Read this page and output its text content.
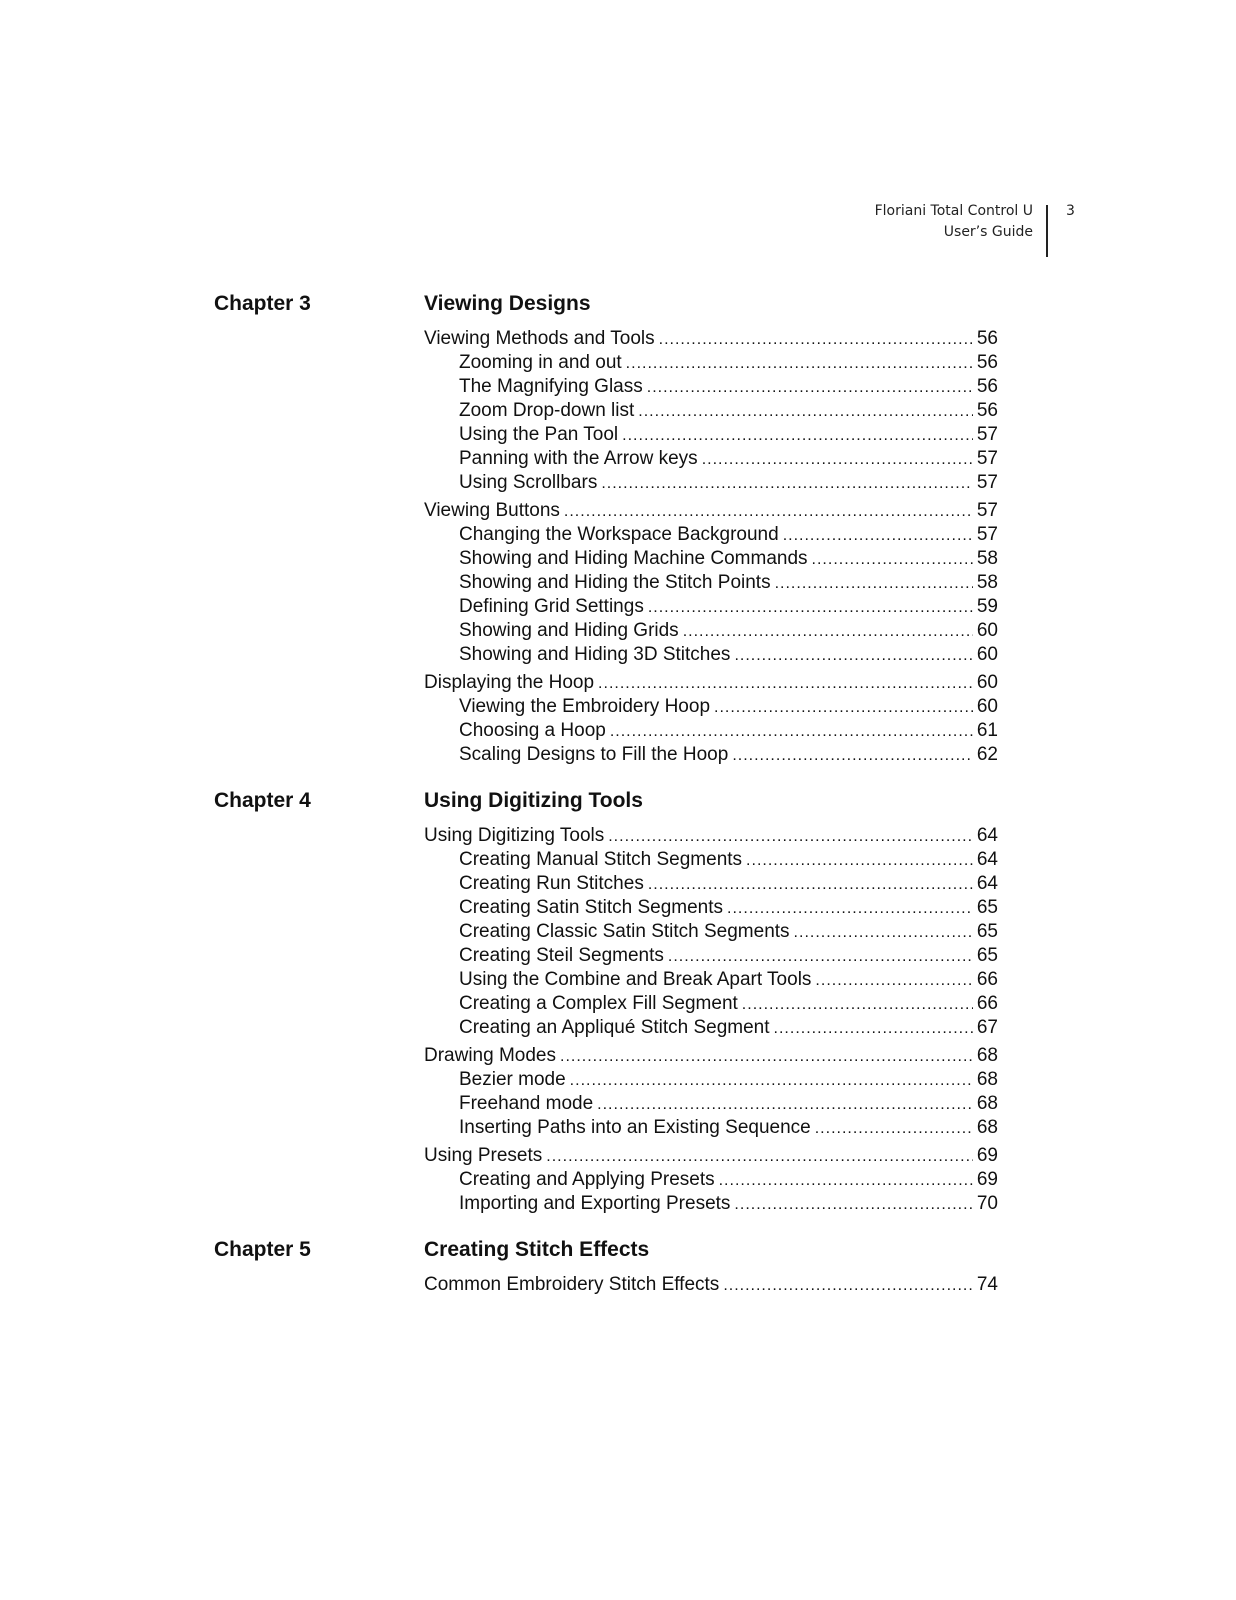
Floriani Total Control U
User’s Guide
3
Chapter 3	Viewing Designs
Viewing Methods and Tools .....	56
Zooming in and out .....	56
The Magnifying Glass .....	56
Zoom Drop-down list .....	56
Using the Pan Tool .....	57
Panning with the Arrow keys .....	57
Using Scrollbars .....	57
Viewing Buttons .....	57
Changing the Workspace Background .....	57
Showing and Hiding Machine Commands .....	58
Showing and Hiding the Stitch Points .....	58
Defining Grid Settings .....	59
Showing and Hiding Grids .....	60
Showing and Hiding 3D Stitches .....	60
Displaying the Hoop .....	60
Viewing the Embroidery Hoop .....	60
Choosing a Hoop .....	61
Scaling Designs to Fill the Hoop .....	62
Chapter 4	Using Digitizing Tools
Using Digitizing Tools .....	64
Creating Manual Stitch Segments .....	64
Creating Run Stitches .....	64
Creating Satin Stitch Segments .....	65
Creating Classic Satin Stitch Segments .....	65
Creating Steil Segments .....	65
Using the Combine and Break Apart Tools .....	66
Creating a Complex Fill Segment .....	66
Creating an Appliqué Stitch Segment .....	67
Drawing Modes .....	68
Bezier mode .....	68
Freehand mode .....	68
Inserting Paths into an Existing Sequence .....	68
Using Presets .....	69
Creating and Applying Presets .....	69
Importing and Exporting Presets .....	70
Chapter 5	Creating Stitch Effects
Common Embroidery Stitch Effects .....	74
